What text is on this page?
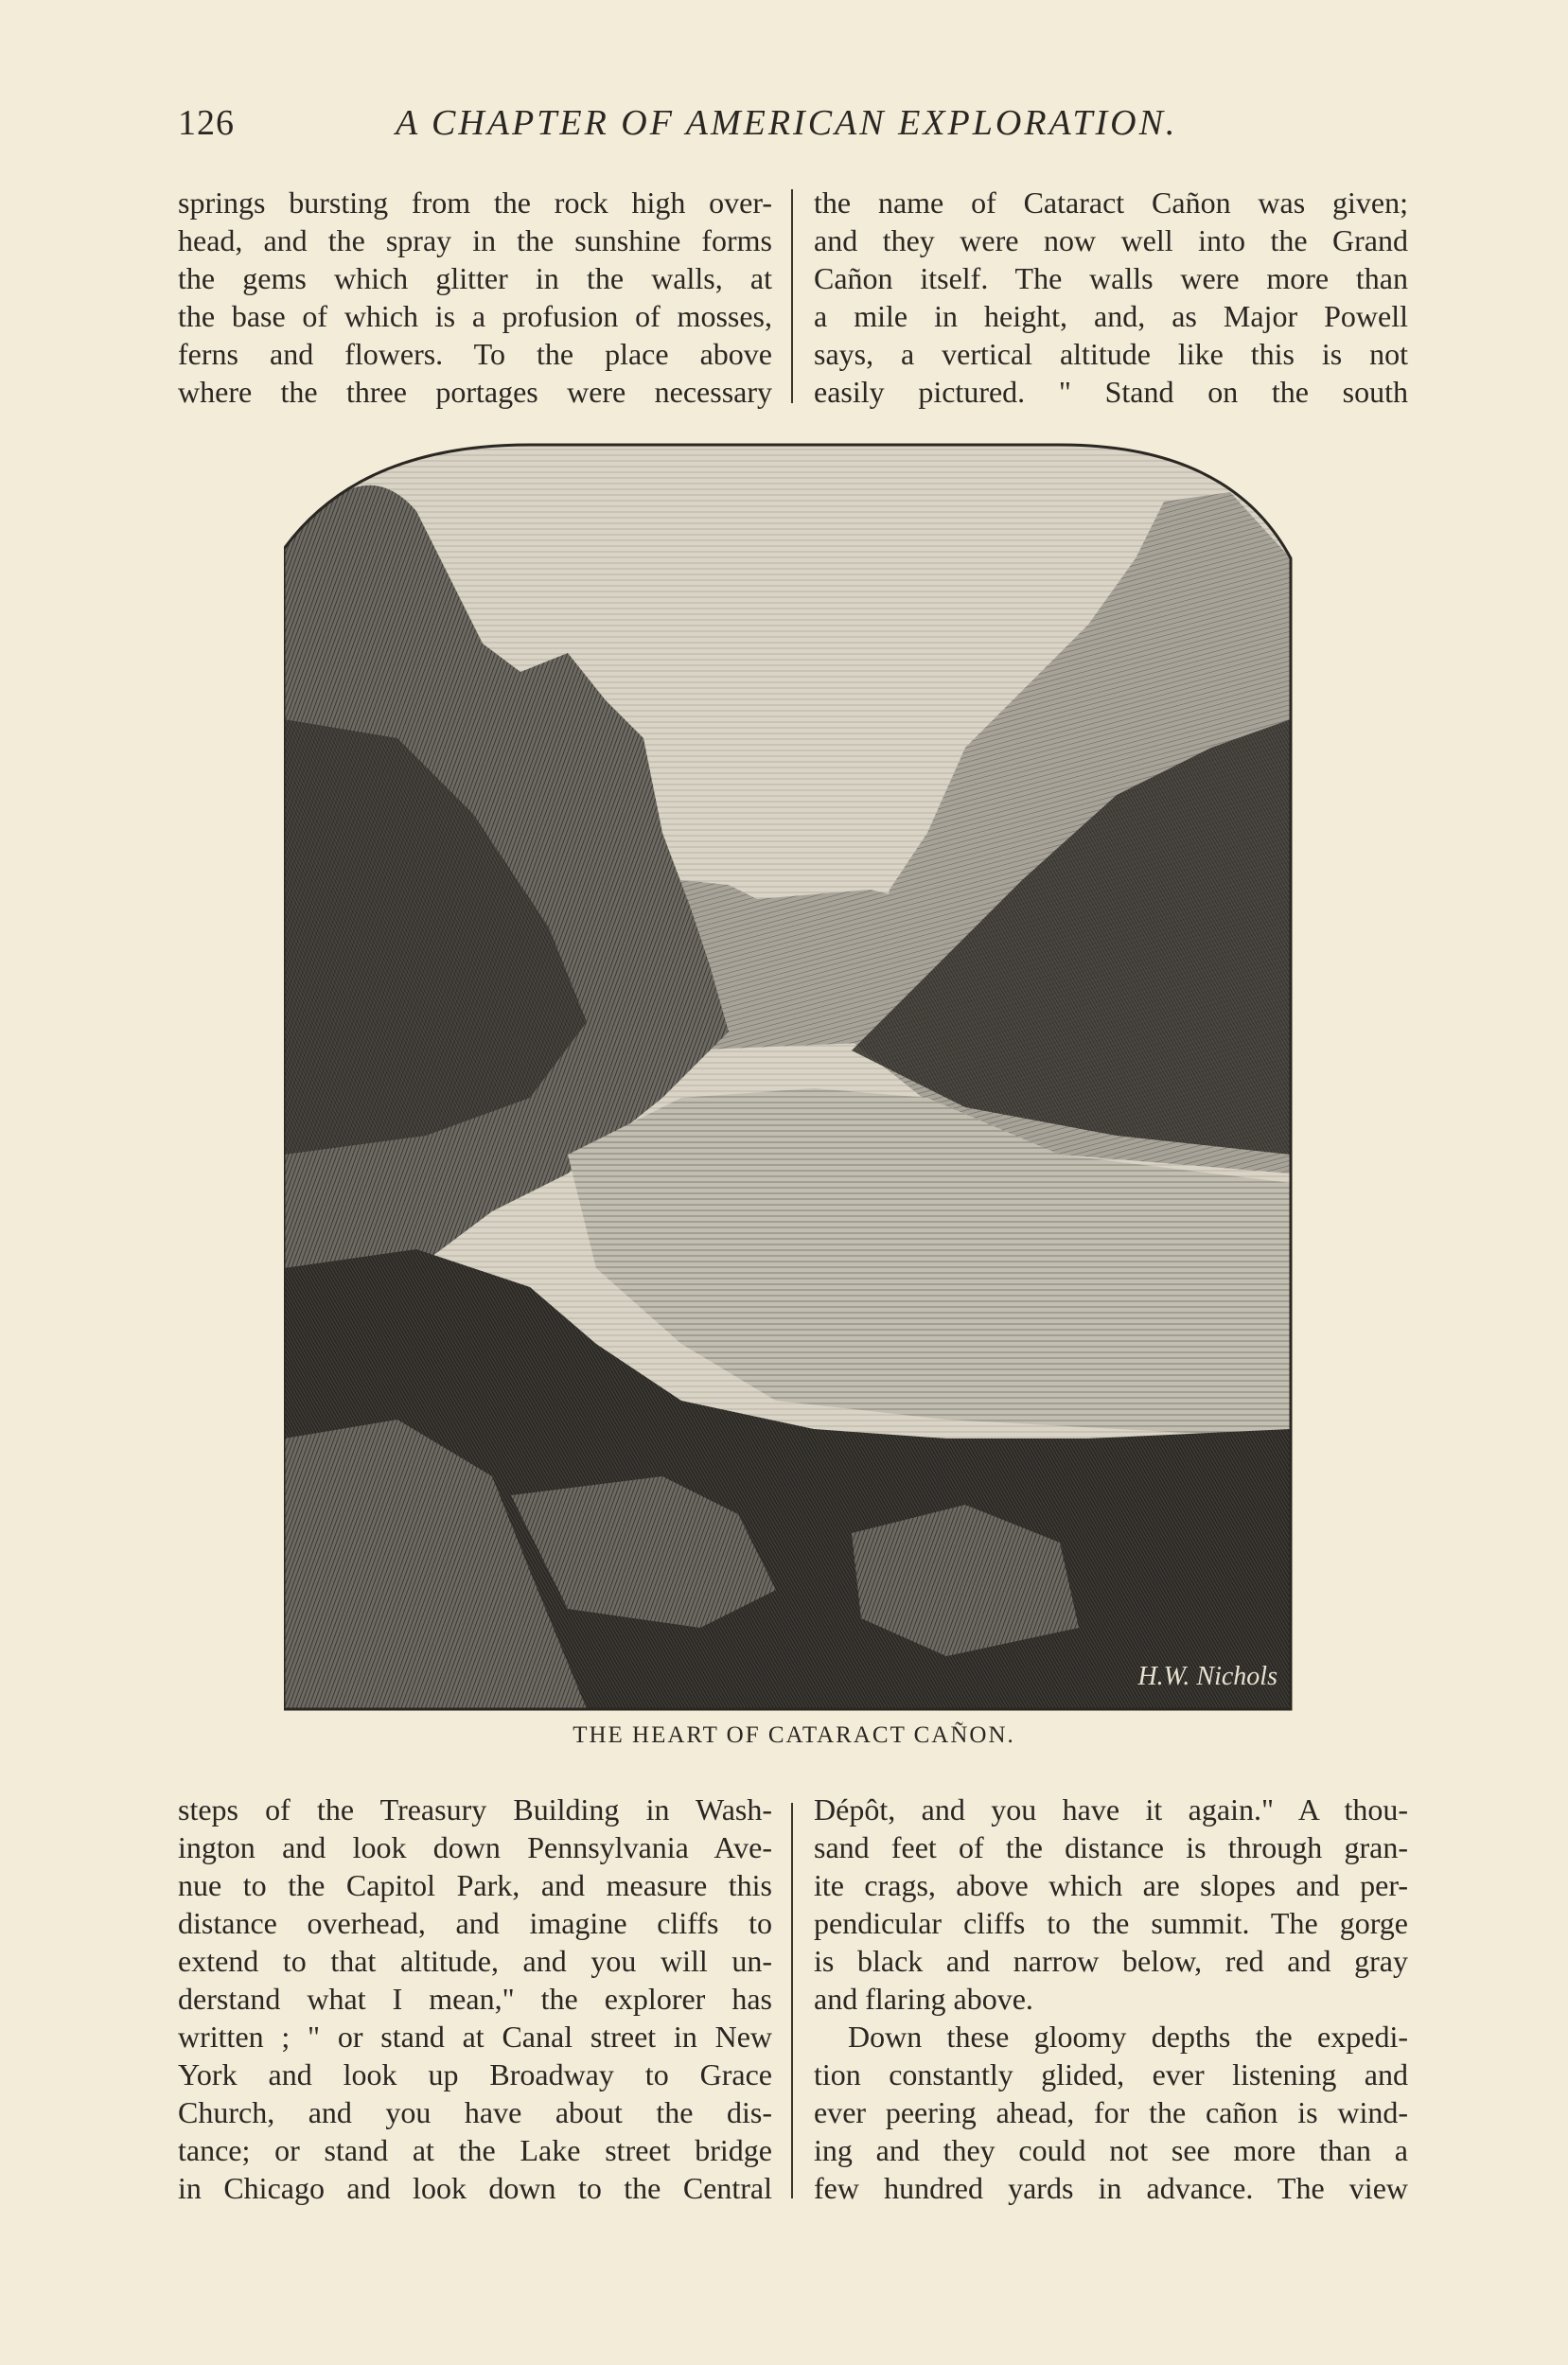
126	A CHAPTER OF AMERICAN EXPLORATION.
springs bursting from the rock high over-
head, and the spray in the sunshine forms
the gems which glitter in the walls, at
the base of which is a profusion of mosses,
ferns and flowers. To the place above
where the three portages were necessary
the name of Cataract Cañon was given;
and they were now well into the Grand
Cañon itself. The walls were more than
a mile in height, and, as Major Powell
says, a vertical altitude like this is not
easily pictured. " Stand on the south
H.W. Nichols
THE HEART OF CATARACT CAÑON.
steps of the Treasury Building in Wash-
ington and look down Pennsylvania Ave-
nue to the Capitol Park, and measure this
distance overhead, and imagine cliffs to
extend to that altitude, and you will un-
derstand what I mean," the explorer has
written ; " or stand at Canal street in New
York and look up Broadway to Grace
Church, and you have about the dis-
tance; or stand at the Lake street bridge
in Chicago and look down to the Central
Dépôt, and you have it again." A thou-
sand feet of the distance is through gran-
ite crags, above which are slopes and per-
pendicular cliffs to the summit. The gorge
is black and narrow below, red and gray
and flaring above.
Down these gloomy depths the expedi-
tion constantly glided, ever listening and
ever peering ahead, for the cañon is wind-
ing and they could not see more than a
few hundred yards in advance. The view
